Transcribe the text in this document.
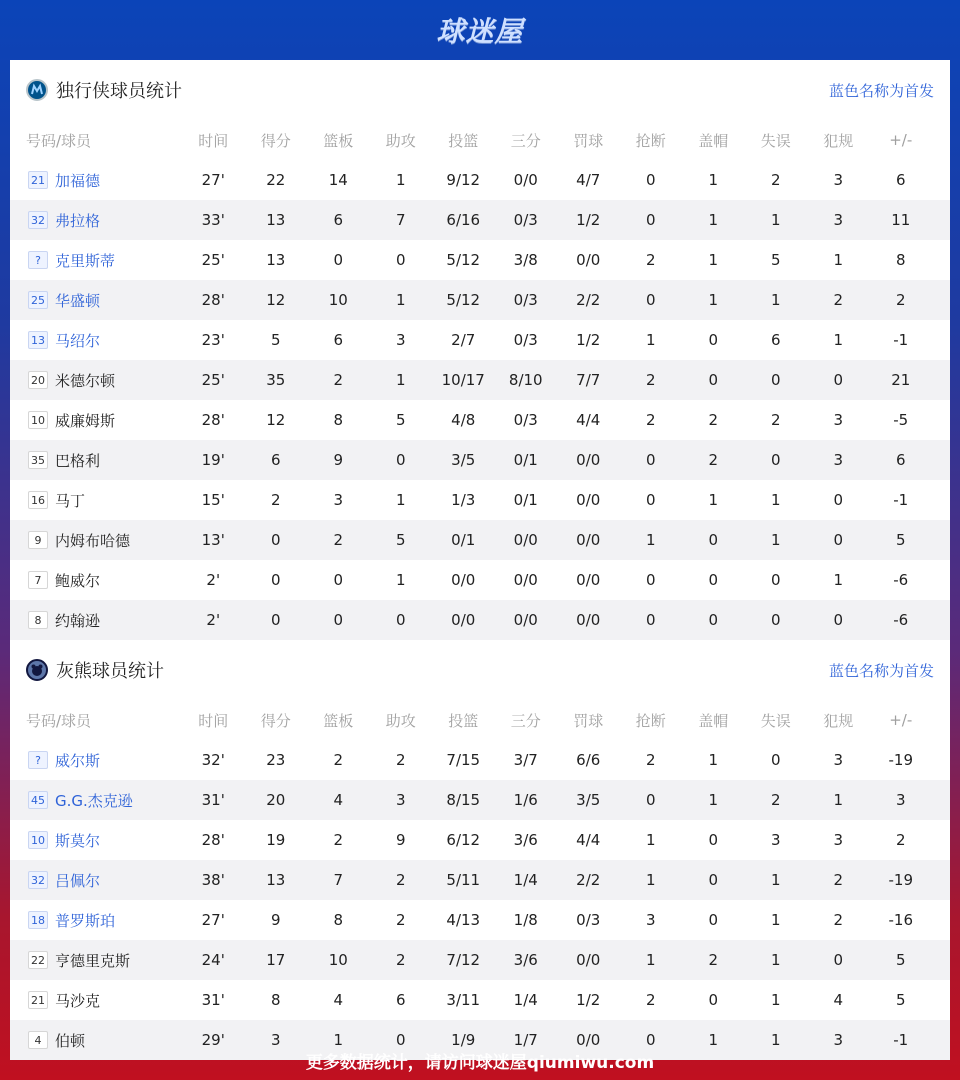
球迷屋
独行侠球员统计	蓝色名称为首发
号码/球员	时间	得分	篮板	助攻	投篮	三分	罚球	抢断	盖帽	失误	犯规	+/-
21 加福德	27'	22	14	1	9/12	0/0	4/7	0	1	2	3	6
32 弗拉格	33'	13	6	7	6/16	0/3	1/2	0	1	1	3	11
? 克里斯蒂	25'	13	0	0	5/12	3/8	0/0	2	1	5	1	8
25 华盛顿	28'	12	10	1	5/12	0/3	2/2	0	1	1	2	2
13 马绍尔	23'	5	6	3	2/7	0/3	1/2	1	0	6	1	-1
20 米德尔顿	25'	35	2	1	10/17	8/10	7/7	2	0	0	0	21
10 威廉姆斯	28'	12	8	5	4/8	0/3	4/4	2	2	2	3	-5
35 巴格利	19'	6	9	0	3/5	0/1	0/0	0	2	0	3	6
16 马丁	15'	2	3	1	1/3	0/1	0/0	0	1	1	0	-1
9 内姆布哈德	13'	0	2	5	0/1	0/0	0/0	1	0	1	0	5
7 鲍威尔	2'	0	0	1	0/0	0/0	0/0	0	0	0	1	-6
8 约翰逊	2'	0	0	0	0/0	0/0	0/0	0	0	0	0	-6
灰熊球员统计	蓝色名称为首发
号码/球员	时间	得分	篮板	助攻	投篮	三分	罚球	抢断	盖帽	失误	犯规	+/-
? 威尔斯	32'	23	2	2	7/15	3/7	6/6	2	1	0	3	-19
45 G.G.杰克逊	31'	20	4	3	8/15	1/6	3/5	0	1	2	1	3
10 斯莫尔	28'	19	2	9	6/12	3/6	4/4	1	0	3	3	2
32 吕佩尔	38'	13	7	2	5/11	1/4	2/2	1	0	1	2	-19
18 普罗斯珀	27'	9	8	2	4/13	1/8	0/3	3	0	1	2	-16
22 亨德里克斯	24'	17	10	2	7/12	3/6	0/0	1	2	1	0	5
21 马沙克	31'	8	4	6	3/11	1/4	1/2	2	0	1	4	5
4 伯顿	29'	3	1	0	1/9	1/7	0/0	0	1	1	3	-1
更多数据统计，请访问球迷屋qiumiwu.com
